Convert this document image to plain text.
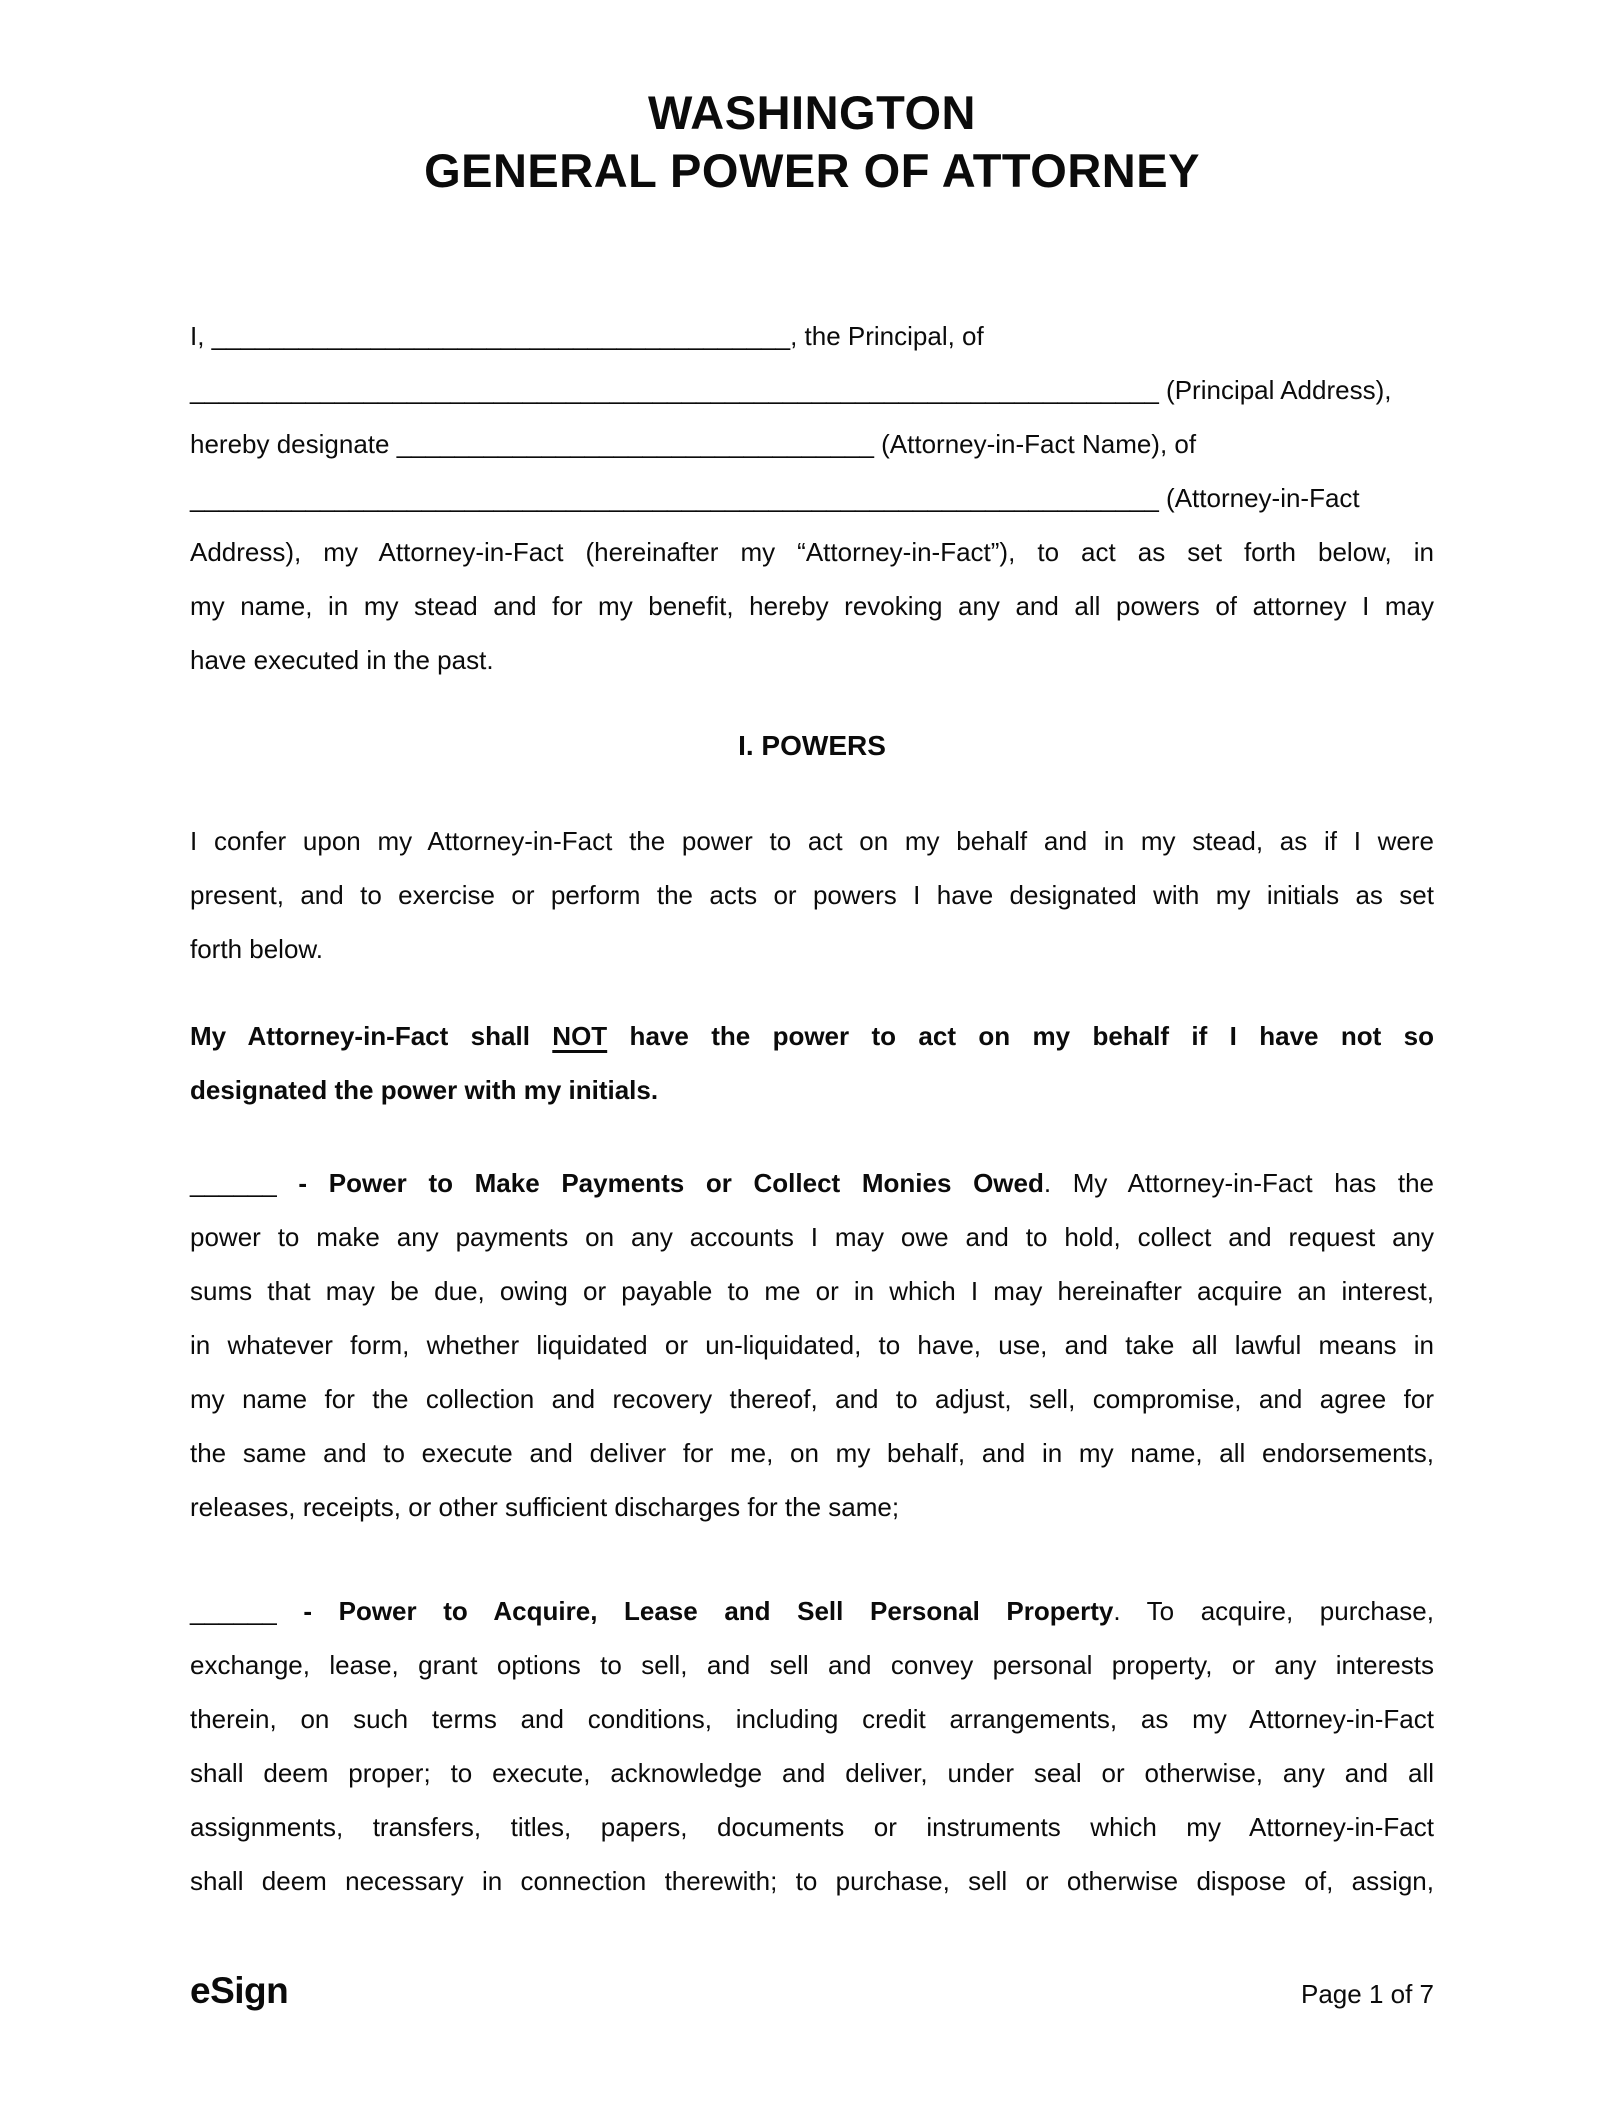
WASHINGTON
GENERAL POWER OF ATTORNEY
I, ________________________________________, the Principal, of
___________________________________________________________________ (Principal Address),
hereby designate _________________________________ (Attorney-in-Fact Name), of
___________________________________________________________________ (Attorney-in-Fact
Address), my Attorney-in-Fact (hereinafter my “Attorney-in-Fact”), to act as set forth below, in
my name, in my stead and for my benefit, hereby revoking any and all powers of attorney I may
have executed in the past.
I. POWERS
I confer upon my Attorney-in-Fact the power to act on my behalf and in my stead, as if I were
present, and to exercise or perform the acts or powers I have designated with my initials as set
forth below.
My Attorney-in-Fact shall NOT have the power to act on my behalf if I have not so
designated the power with my initials.
______ - Power to Make Payments or Collect Monies Owed. My Attorney-in-Fact has the
power to make any payments on any accounts I may owe and to hold, collect and request any
sums that may be due, owing or payable to me or in which I may hereinafter acquire an interest,
in whatever form, whether liquidated or un-liquidated, to have, use, and take all lawful means in
my name for the collection and recovery thereof, and to adjust, sell, compromise, and agree for
the same and to execute and deliver for me, on my behalf, and in my name, all endorsements,
releases, receipts, or other sufficient discharges for the same;
______ - Power to Acquire, Lease and Sell Personal Property. To acquire, purchase,
exchange, lease, grant options to sell, and sell and convey personal property, or any interests
therein, on such terms and conditions, including credit arrangements, as my Attorney-in-Fact
shall deem proper; to execute, acknowledge and deliver, under seal or otherwise, any and all
assignments, transfers, titles, papers, documents or instruments which my Attorney-in-Fact
shall deem necessary in connection therewith; to purchase, sell or otherwise dispose of, assign,
eSign	Page 1 of 7
